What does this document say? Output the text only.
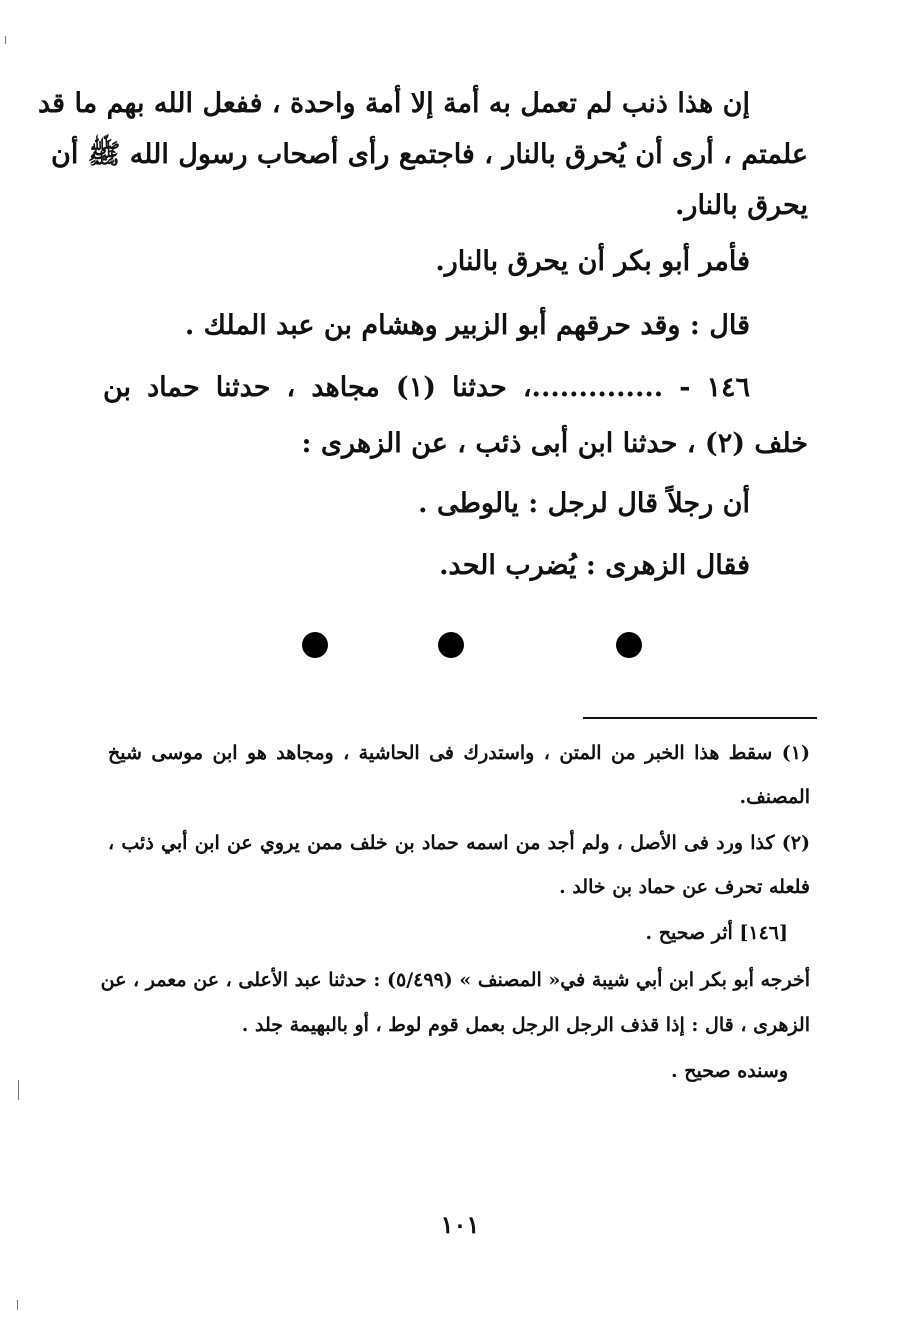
إن هذا ذنب لم تعمل به أمة إلا أمة واحدة ، ففعل الله بهم ما قد
علمتم ، أرى أن يُحرق بالنار ، فاجتمع رأى أصحاب رسول الله ﷺ أن
يحرق بالنار.
فأمر أبو بكر أن يحرق بالنار.
قال : وقد حرقهم أبو الزبير وهشام بن عبد الملك .
١٤٦ - ..............، حدثنا (١) مجاهد ، حدثنا حماد بن
خلف (٢) ، حدثنا ابن أبى ذئب ، عن الزهرى :
أن رجلاً قال لرجل : يالوطى .
فقال الزهرى : يُضرب الحد.
(١) سقط هذا الخبر من المتن ، واستدرك فى الحاشية ، ومجاهد هو ابن موسى شيخ
المصنف.
(٢) كذا ورد فى الأصل ، ولم أجد من اسمه حماد بن خلف ممن يروي عن ابن أبي ذئب ،
فلعله تحرف عن حماد بن خالد .
[١٤٦] أثر صحيح .
أخرجه أبو بكر ابن أبي شيبة في« المصنف » (٥/٤٩٩) : حدثنا عبد الأعلى ، عن معمر ، عن
الزهرى ، قال : إذا قذف الرجل الرجل بعمل قوم لوط ، أو بالبهيمة جلد .
وسنده صحيح .
١٠١
